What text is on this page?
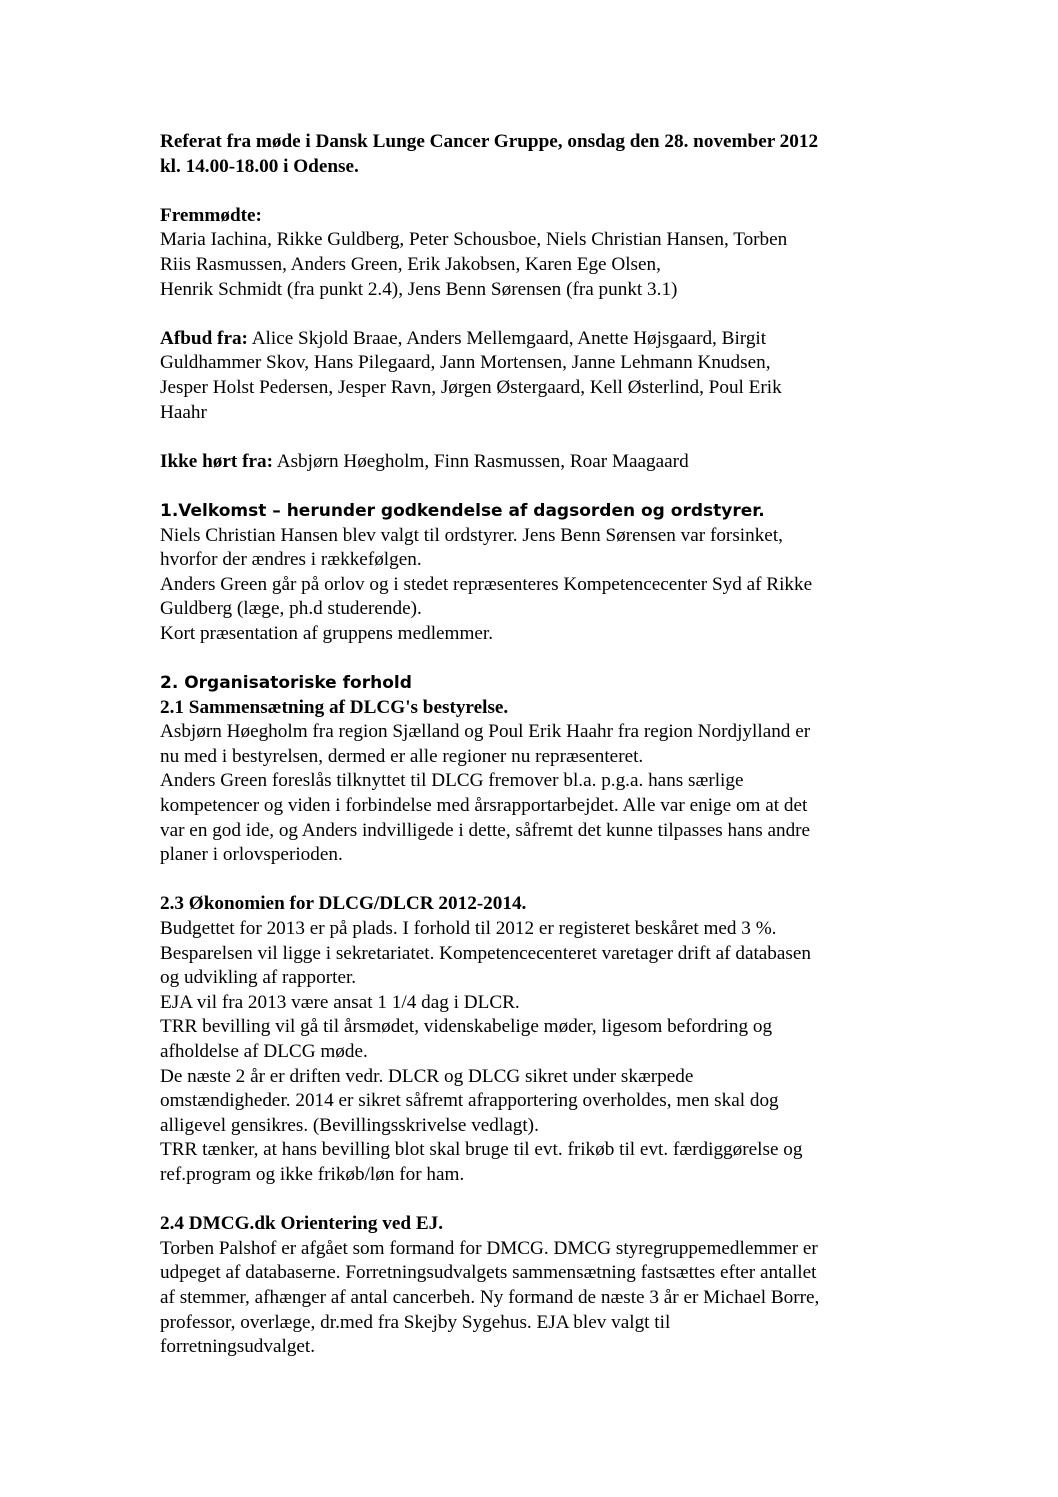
Referat fra møde i Dansk Lunge Cancer Gruppe, onsdag den 28. november 2012

kl. 14.00-18.00 i Odense.

Fremmødte:

Maria Iachina, Rikke Guldberg, Peter Schousboe, Niels Christian Hansen, Torben

Riis Rasmussen, Anders Green, Erik Jakobsen, Karen Ege Olsen,

Henrik Schmidt (fra punkt 2.4), Jens Benn Sørensen (fra punkt 3.1)

Afbud fra: Alice Skjold Braae, Anders Mellemgaard, Anette Højsgaard, Birgit

Guldhammer Skov, Hans Pilegaard, Jann Mortensen, Janne Lehmann Knudsen,

Jesper Holst Pedersen, Jesper Ravn, Jørgen Østergaard, Kell Østerlind, Poul Erik

Haahr

Ikke hørt fra: Asbjørn Høegholm, Finn Rasmussen, Roar Maagaard

1.Velkomst – herunder godkendelse af dagsorden og ordstyrer.

Niels Christian Hansen blev valgt til ordstyrer. Jens Benn Sørensen var forsinket,

hvorfor der ændres i rækkefølgen.

Anders Green går på orlov og i stedet repræsenteres Kompetencecenter Syd af Rikke

Guldberg (læge, ph.d studerende).

Kort præsentation af gruppens medlemmer.

2. Organisatoriske forhold

2.1 Sammensætning af DLCG's bestyrelse.

Asbjørn Høegholm fra region Sjælland og Poul Erik Haahr fra region Nordjylland er

nu med i bestyrelsen, dermed er alle regioner nu repræsenteret.

Anders Green foreslås tilknyttet til DLCG fremover bl.a. p.g.a. hans særlige

kompetencer og viden i forbindelse med årsrapportarbejdet. Alle var enige om at det

var en god ide, og Anders indvilligede i dette, såfremt det kunne tilpasses hans andre

planer i orlovsperioden.

2.3 Økonomien for DLCG/DLCR 2012-2014.

Budgettet for 2013 er på plads. I forhold til 2012 er registeret beskåret med 3 %.

Besparelsen vil ligge i sekretariatet. Kompetencecenteret varetager drift af databasen

og udvikling af rapporter.

EJA vil fra 2013 være ansat 1 1/4 dag i DLCR.

TRR bevilling vil gå til årsmødet, videnskabelige møder, ligesom befordring og

afholdelse af DLCG møde.

De næste 2 år er driften vedr. DLCR og DLCG sikret under skærpede

omstændigheder. 2014 er sikret såfremt afrapportering overholdes, men skal dog

alligevel gensikres. (Bevillingsskrivelse vedlagt).

TRR tænker, at hans bevilling blot skal bruge til evt. frikøb til evt. færdiggørelse og

ref.program og ikke frikøb/løn for ham.

2.4 DMCG.dk Orientering ved EJ.

Torben Palshof er afgået som formand for DMCG. DMCG styregruppemedlemmer er

udpeget af databaserne. Forretningsudvalgets sammensætning fastsættes efter antallet

af stemmer, afhænger af antal cancerbeh. Ny formand de næste 3 år er Michael Borre,

professor, overlæge, dr.med fra Skejby Sygehus. EJA blev valgt til

forretningsudvalget.
